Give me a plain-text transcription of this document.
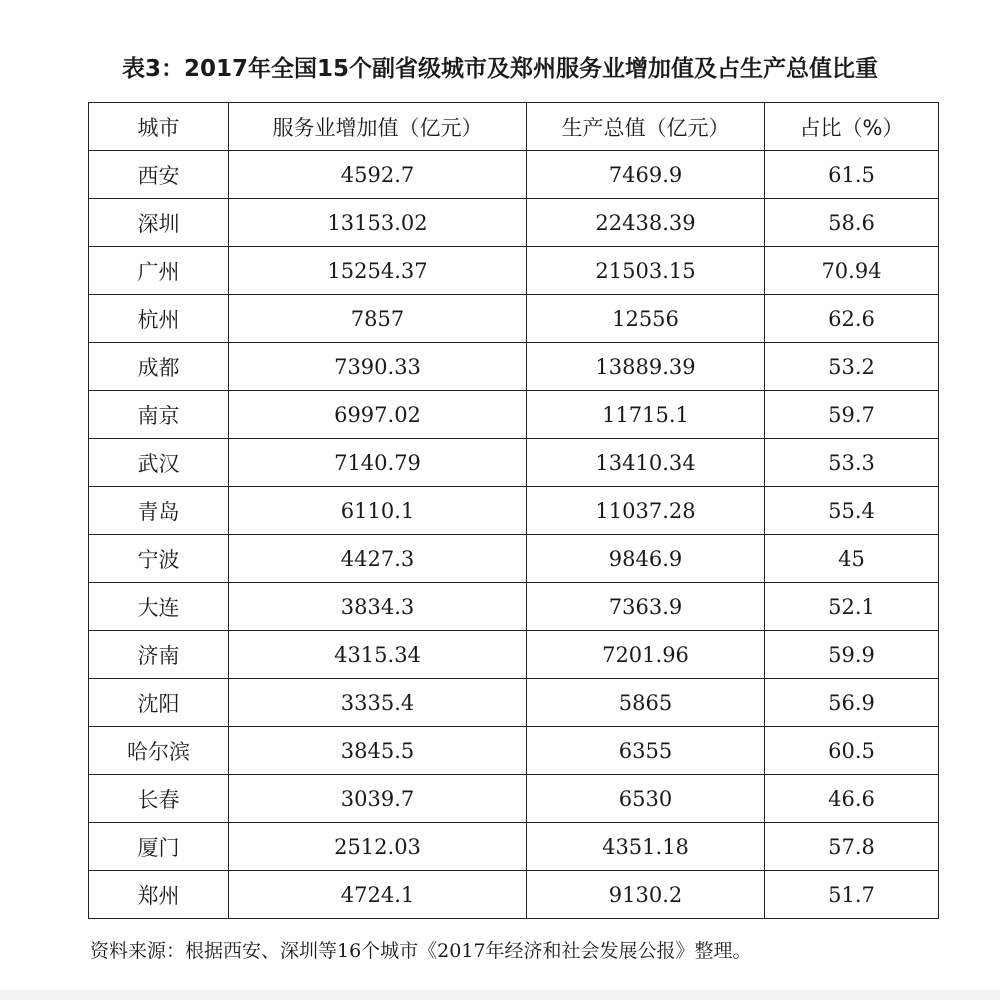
表3：2017年全国15个副省级城市及郑州服务业增加值及占生产总值比重
城市	服务业增加值（亿元）	生产总值（亿元）	占比（%）
西安	4592.7	7469.9	61.5
深圳	13153.02	22438.39	58.6
广州	15254.37	21503.15	70.94
杭州	7857	12556	62.6
成都	7390.33	13889.39	53.2
南京	6997.02	11715.1	59.7
武汉	7140.79	13410.34	53.3
青岛	6110.1	11037.28	55.4
宁波	4427.3	9846.9	45
大连	3834.3	7363.9	52.1
济南	4315.34	7201.96	59.9
沈阳	3335.4	5865	56.9
哈尔滨	3845.5	6355	60.5
长春	3039.7	6530	46.6
厦门	2512.03	4351.18	57.8
郑州	4724.1	9130.2	51.7
资料来源：根据西安、深圳等16个城市《2017年经济和社会发展公报》整理。
